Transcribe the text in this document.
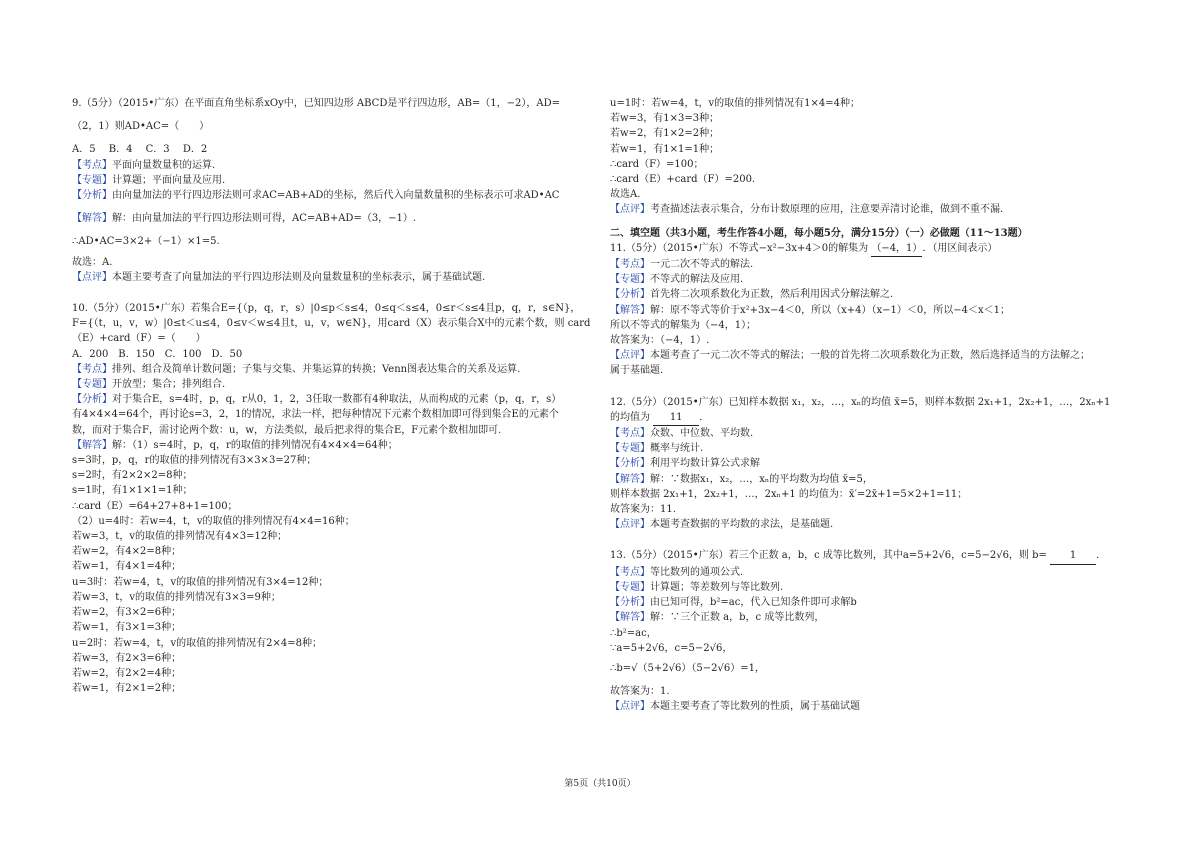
9.（5分）（2015•广东）在平面直角坐标系xOy中，已知四边形 ABCD是平行四边形，AB=（1，−2），AD=
（2，1）则AD•AC=（　　）
A．5　 B．4　 C．3　 D．2
【考点】平面向量数量积的运算.
【专题】计算题；平面向量及应用.
【分析】由向量加法的平行四边形法则可求AC=AB+AD的坐标，然后代入向量数量积的坐标表示可求AD•AC
【解答】解：由向量加法的平行四边形法则可得，AC=AB+AD=（3，−1）.
∴AD•AC=3×2+（−1）×1=5.
故选：A.
【点评】本题主要考查了向量加法的平行四边形法则及向量数量积的坐标表示，属于基础试题.
10.（5分）（2015•广东）若集合E={（p，q，r，s）|0≤p＜s≤4，0≤q＜s≤4，0≤r＜s≤4且p，q，r，s∈N}，
F={（t，u，v，w）|0≤t＜u≤4，0≤v＜w≤4且t，u，v，w∈N}，用card（X）表示集合X中的元素个数，则 card
（E）+card（F）=（　　）
A．200　B．150　C．100　D．50
【考点】排列、组合及简单计数问题；子集与交集、并集运算的转换；Venn图表达集合的关系及运算.
【专题】开放型；集合；排列组合.
【分析】对于集合E，s=4时，p，q，r从0，1，2，3任取一数都有4种取法，从而构成的元素（p，q，r，s）
有4×4×4=64个，再讨论s=3，2，1的情况，求法一样，把每种情况下元素个数相加即可得到集合E的元素个
数，而对于集合F，需讨论两个数：u，w，方法类似，最后把求得的集合E，F元素个数相加即可.
【解答】解：（1）s=4时，p，q，r的取值的排列情况有4×4×4=64种；
s=3时，p，q，r的取值的排列情况有3×3×3=27种；
s=2时，有2×2×2=8种；
s=1时，有1×1×1=1种；
∴card（E）=64+27+8+1=100；
（2）u=4时：若w=4，t，v的取值的排列情况有4×4=16种；
若w=3，t，v的取值的排列情况有4×3=12种；
若w=2，有4×2=8种；
若w=1，有4×1=4种；
u=3时：若w=4，t，v的取值的排列情况有3×4=12种；
若w=3，t，v的取值的排列情况有3×3=9种；
若w=2，有3×2=6种；
若w=1，有3×1=3种；
u=2时：若w=4，t，v的取值的排列情况有2×4=8种；
若w=3，有2×3=6种；
若w=2，有2×2=4种；
若w=1，有2×1=2种；
u=1时：若w=4，t，v的取值的排列情况有1×4=4种；
若w=3，有1×3=3种；
若w=2，有1×2=2种；
若w=1，有1×1=1种；
∴card（F）=100；
∴card（E）+card（F）=200.
故选A.
【点评】考查描述法表示集合，分布计数原理的应用，注意要弄清讨论谁，做到不重不漏.
二、填空题（共3小题，考生作答4小题，每小题5分，满分15分）（一）必做题（11～13题）
11.（5分）（2015•广东）不等式−x²−3x+4＞0的解集为 （−4，1）．（用区间表示）
【考点】一元二次不等式的解法.
【专题】不等式的解法及应用.
【分析】首先将二次项系数化为正数，然后利用因式分解法解之.
【解答】解：原不等式等价于x²+3x−4＜0，所以（x+4）（x−1）＜0，所以−4＜x＜1；
所以不等式的解集为（−4，1）；
故答案为：（−4，1）.
【点评】本题考查了一元二次不等式的解法；一般的首先将二次项系数化为正数，然后选择适当的方法解之；
属于基础题.
12.（5分）（2015•广东）已知样本数据 x₁，x₂，…，xₙ的均值 x̄=5，则样本数据 2x₁+1，2x₂+1，…，2xₙ+1
的均值为 11 ．
【考点】众数、中位数、平均数.
【专题】概率与统计.
【分析】利用平均数计算公式求解
【解答】解：∵数据x₁，x₂，…，xₙ的平均数为均值 x̄=5，
则样本数据 2x₁+1，2x₂+1，…，2xₙ+1 的均值为：x̄′=2x̄+1=5×2+1=11；
故答案为：11.
【点评】本题考查数据的平均数的求法，是基础题.
13.（5分）（2015•广东）若三个正数 a，b，c 成等比数列，其中a=5+2√6，c=5−2√6，则 b= 1 ．
【考点】等比数列的通项公式.
【专题】计算题；等差数列与等比数列.
【分析】由已知可得，b²=ac，代入已知条件即可求解b
【解答】解：∵三个正数 a，b，c 成等比数列，
∴b²=ac，
∵a=5+2√6，c=5−2√6，
∴b=√（5+2√6）（5−2√6）=1，
故答案为：1.
【点评】本题主要考查了等比数列的性质，属于基础试题
第5页（共10页）
